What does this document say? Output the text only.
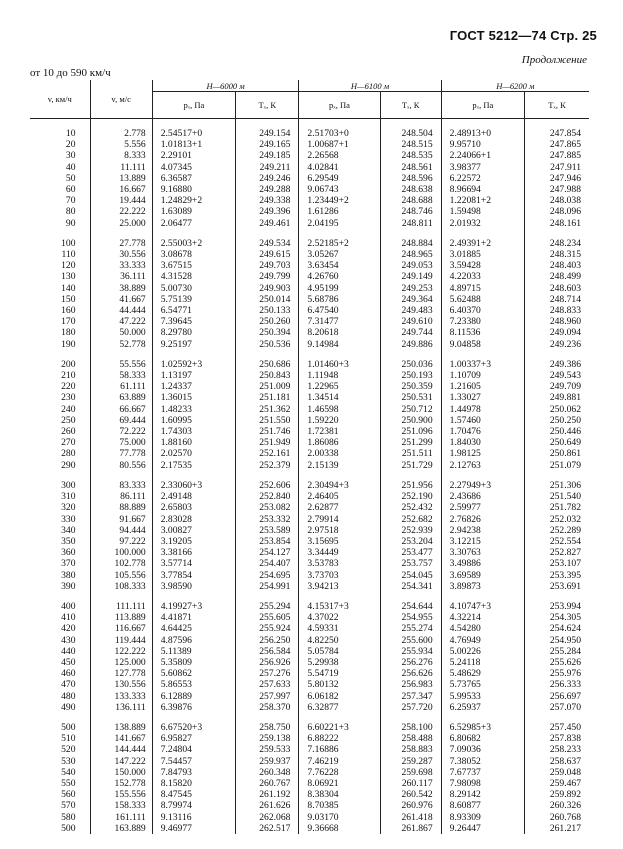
ГОСТ 5212—74 Стр. 25
Продолжение
от 10 до 590 км/ч
v, км/ч	v, м/с	H—6000 м		H—6100 м		H—6200 м	
		pₓ, Па	Tₓ, К	pₓ, Па	Tₓ, К	pₓ, Па	Tₓ, К

10	2.778	2.54517+0	249.154	2.51703+0	248.504	2.48913+0	247.854
20	5.556	1.01813+1	249.165	1.00687+1	248.515	9.95710	247.865
30	8.333	2.29101	249.185	2.26568	248.535	2.24066+1	247.885
40	11.111	4.07345	249.211	4.02841	248.561	3.98377	247.911
50	13.889	6.36587	249.246	6.29549	248.596	6.22572	247.946
60	16.667	9.16880	249.288	9.06743	248.638	8.96694	247.988
70	19.444	1.24829+2	249.338	1.23449+2	248.688	1.22081+2	248.038
80	22.222	1.63089	249.396	1.61286	248.746	1.59498	248.096
90	25.000	2.06477	249.461	2.04195	248.811	2.01932	248.161

100	27.778	2.55003+2	249.534	2.52185+2	248.884	2.49391+2	248.234
110	30.556	3.08678	249.615	3.05267	248.965	3.01885	248.315
120	33.333	3.67515	249.703	3.63454	249.053	3.59428	248.403
130	36.111	4.31528	249.799	4.26760	249.149	4.22033	248.499
140	38.889	5.00730	249.903	4.95199	249.253	4.89715	248.603
150	41.667	5.75139	250.014	5.68786	249.364	5.62488	248.714
160	44.444	6.54771	250.133	6.47540	249.483	6.40370	248.833
170	47.222	7.39645	250.260	7.31477	249.610	7.23380	248.960
180	50.000	8.29780	250.394	8.20618	249.744	8.11536	249.094
190	52.778	9.25197	250.536	9.14984	249.886	9.04858	249.236

200	55.556	1.02592+3	250.686	1.01460+3	250.036	1.00337+3	249.386
210	58.333	1.13197	250.843	1.11948	250.193	1.10709	249.543
220	61.111	1.24337	251.009	1.22965	250.359	1.21605	249.709
230	63.889	1.36015	251.181	1.34514	250.531	1.33027	249.881
240	66.667	1.48233	251.362	1.46598	250.712	1.44978	250.062
250	69.444	1.60995	251.550	1.59220	250.900	1.57460	250.250
260	72.222	1.74303	251.746	1.72381	251.096	1.70476	250.446
270	75.000	1.88160	251.949	1.86086	251.299	1.84030	250.649
280	77.778	2.02570	252.161	2.00338	251.511	1.98125	250.861
290	80.556	2.17535	252.379	2.15139	251.729	2.12763	251.079

300	83.333	2.33060+3	252.606	2.30494+3	251.956	2.27949+3	251.306
310	86.111	2.49148	252.840	2.46405	252.190	2.43686	251.540
320	88.889	2.65803	253.082	2.62877	252.432	2.59977	251.782
330	91.667	2.83028	253.332	2.79914	252.682	2.76826	252.032
340	94.444	3.00827	253.589	2.97518	252.939	2.94238	252.289
350	97.222	3.19205	253.854	3.15695	253.204	3.12215	252.554
360	100.000	3.38166	254.127	3.34449	253.477	3.30763	252.827
370	102.778	3.57714	254.407	3.53783	253.757	3.49886	253.107
380	105.556	3.77854	254.695	3.73703	254.045	3.69589	253.395
390	108.333	3.98590	254.991	3.94213	254.341	3.89873	253.691

400	111.111	4.19927+3	255.294	4.15317+3	254.644	4.10747+3	253.994
410	113.889	4.41871	255.605	4.37022	254.955	4.32214	254.305
420	116.667	4.64425	255.924	4.59331	255.274	4.54280	254.624
430	119.444	4.87596	256.250	4.82250	255.600	4.76949	254.950
440	122.222	5.11389	256.584	5.05784	255.934	5.00226	255.284
450	125.000	5.35809	256.926	5.29938	256.276	5.24118	255.626
460	127.778	5.60862	257.276	5.54719	256.626	5.48629	255.976
470	130.556	5.86553	257.633	5.80132	256.983	5.73765	256.333
480	133.333	6.12889	257.997	6.06182	257.347	5.99533	256.697
490	136.111	6.39876	258.370	6.32877	257.720	6.25937	257.070

500	138.889	6.67520+3	258.750	6.60221+3	258.100	6.52985+3	257.450
510	141.667	6.95827	259.138	6.88222	258.488	6.80682	257.838
520	144.444	7.24804	259.533	7.16886	258.883	7.09036	258.233
530	147.222	7.54457	259.937	7.46219	259.287	7.38052	258.637
540	150.000	7.84793	260.348	7.76228	259.698	7.67737	259.048
550	152.778	8.15820	260.767	8.06921	260.117	7.98098	259.467
560	155.556	8.47545	261.192	8.38304	260.542	8.29142	259.892
570	158.333	8.79974	261.626	8.70385	260.976	8.60877	260.326
580	161.111	9.13116	262.068	9.03170	261.418	8.93309	260.768
500	163.889	9.46977	262.517	9.36668	261.867	9.26447	261.217
